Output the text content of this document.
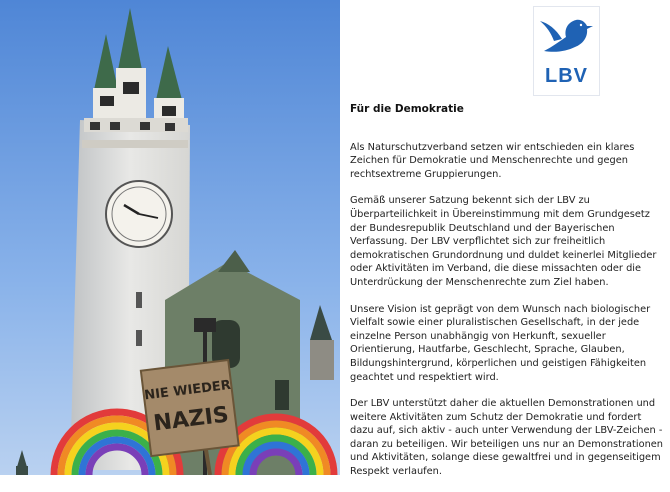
NIE WIEDER
NAZIS
LBV
Für die Demokratie

Als Naturschutzverband setzen wir entschieden ein klares Zeichen für Demokratie und Menschenrechte und gegen rechtsextreme Gruppierungen.

Gemäß unserer Satzung bekennt sich der LBV zu Überparteilichkeit in Übereinstimmung mit dem Grundgesetz der Bundesrepublik Deutschland und der Bayerischen Verfassung. Der LBV verpflichtet sich zur freiheitlich demokratischen Grundordnung und duldet keinerlei Mitglieder oder Aktivitäten im Verband, die diese missachten oder die Unterdrückung der Menschenrechte zum Ziel haben.

Unsere Vision ist geprägt von dem Wunsch nach biologischer Vielfalt sowie einer pluralistischen Gesellschaft, in der jede einzelne Person unabhängig von Herkunft, sexueller Orientierung, Hautfarbe, Geschlecht, Sprache, Glauben, Bildungshintergrund, körperlichen und geistigen Fähigkeiten geachtet und respektiert wird.

Der LBV unterstützt daher die aktuellen Demonstrationen und weitere Aktivitäten zum Schutz der Demokratie und fordert dazu auf, sich aktiv - auch unter Verwendung der LBV-Zeichen - daran zu beteiligen. Wir beteiligen uns nur an Demonstrationen und Aktivitäten, solange diese gewaltfrei und in gegenseitigem Respekt verlaufen.
